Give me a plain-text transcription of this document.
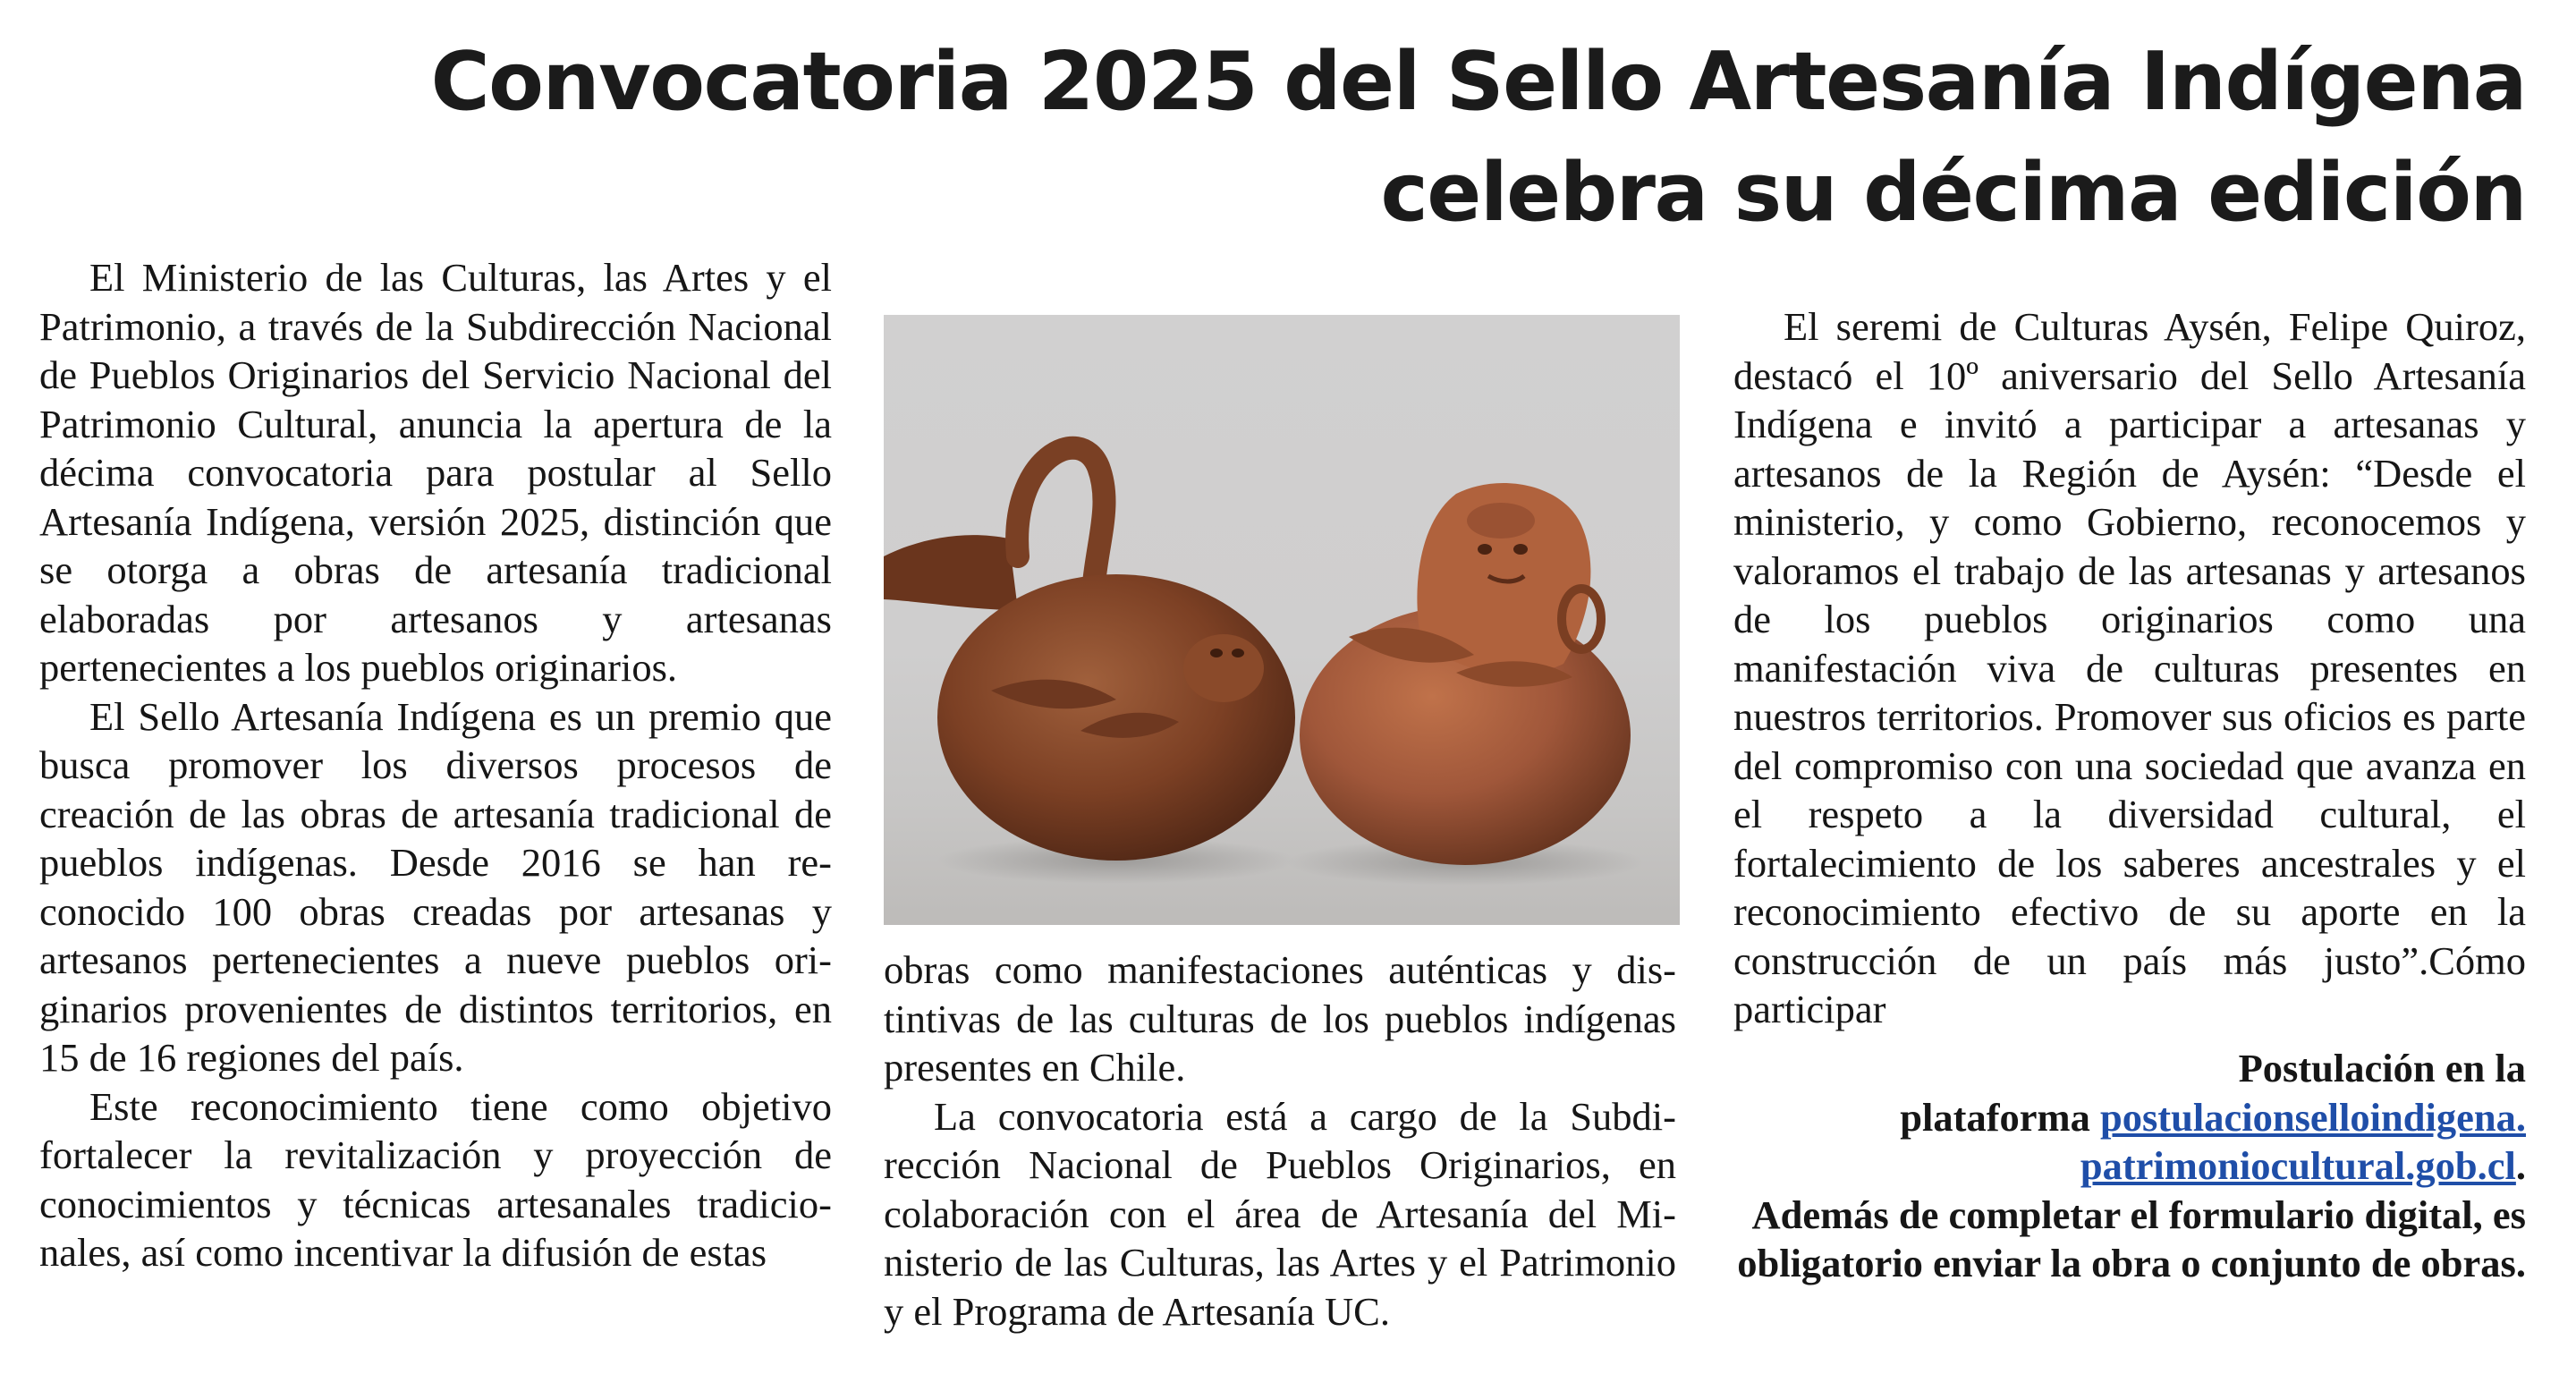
Convocatoria 2025 del Sello Artesanía Indígena
celebra su décima edición

El Ministerio de las Culturas, las Artes y el Patrimonio, a través de la Subdirección Nacional de Pueblos Originarios del Servicio Nacional del Patrimonio Cultural, anuncia la apertura de la décima convocatoria para postular al Sello Artesanía Indígena, versión 2025, distinción que se otorga a obras de artesanía tradicional elaboradas por artesanos y artesanas pertenecientes a los pueblos originarios.

El Sello Artesanía Indígena es un premio que busca promover los diversos procesos de creación de las obras de artesanía tradicional de pueblos indígenas. Desde 2016 se han reconocido 100 obras creadas por artesanas y artesanos pertenecientes a nueve pueblos originarios provenientes de distintos territorios, en 15 de 16 regiones del país.

Este reconocimiento tiene como objetivo fortalecer la revitalización y proyección de conocimientos y técnicas artesanales tradicionales, así como incentivar la difusión de estas

obras como manifestaciones auténticas y distintivas de las culturas de los pueblos indígenas presentes en Chile.

La convocatoria está a cargo de la Subdirección Nacional de Pueblos Originarios, en colaboración con el área de Artesanía del Ministerio de las Culturas, las Artes y el Patrimonio y el Programa de Artesanía UC.

El seremi de Culturas Aysén, Felipe Quiroz, destacó el 10º aniversario del Sello Artesanía Indígena e invitó a participar a artesanas y artesanos de la Región de Aysén: “Desde el ministerio, y como Gobierno, reconocemos y valoramos el trabajo de las artesanas y artesanos de los pueblos originarios como una manifestación viva de culturas presentes en nuestros territorios. Promover sus oficios es parte del compromiso con una sociedad que avanza en el respeto a la diversidad cultural, el fortalecimiento de los saberes ancestrales y el reconocimiento efectivo de su aporte en la construcción de un país más justo”.Cómo participar

Postulación en la
plataforma postulacionselloindigena.
patrimoniocultural.gob.cl.
Además de completar el formulario digital, es obligatorio enviar la obra o conjunto de obras.
